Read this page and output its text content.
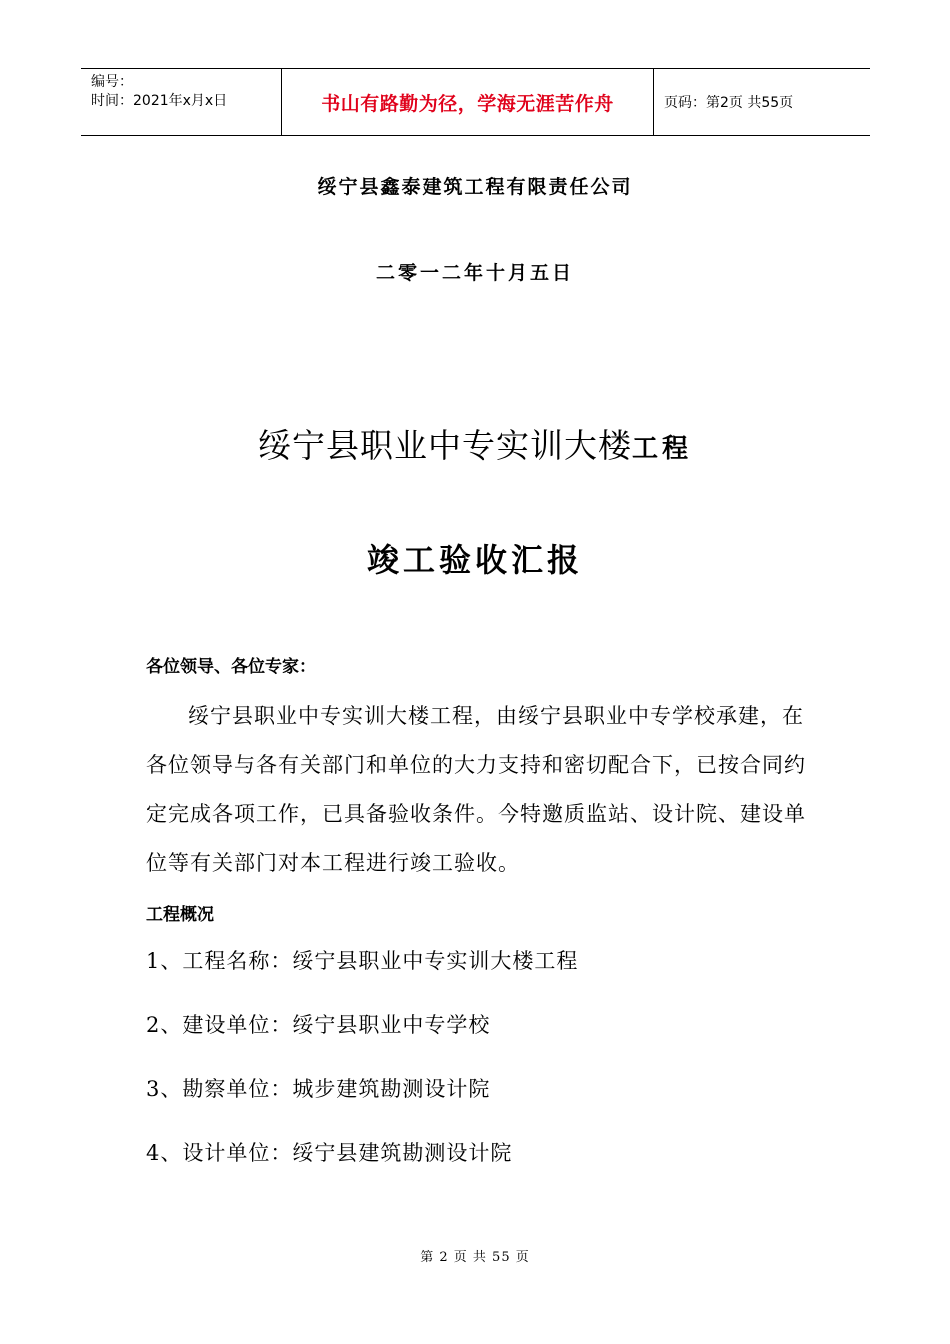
编号：
时间：2021年x月x日	书山有路勤为径，学海无涯苦作舟	页码：第2页 共55页
绥宁县鑫泰建筑工程有限责任公司
二零一二年十月五日
绥宁县职业中专实训大楼工程
竣工验收汇报
各位领导、各位专家：
绥宁县职业中专实训大楼工程，由绥宁县职业中专学校承建，在各位领导与各有关部门和单位的大力支持和密切配合下，已按合同约定完成各项工作，已具备验收条件。今特邀质监站、设计院、建设单位等有关部门对本工程进行竣工验收。
工程概况
1、工程名称：绥宁县职业中专实训大楼工程
2、建设单位：绥宁县职业中专学校
3、勘察单位：城步建筑勘测设计院
4、设计单位：绥宁县建筑勘测设计院
第 2 页 共 55 页
